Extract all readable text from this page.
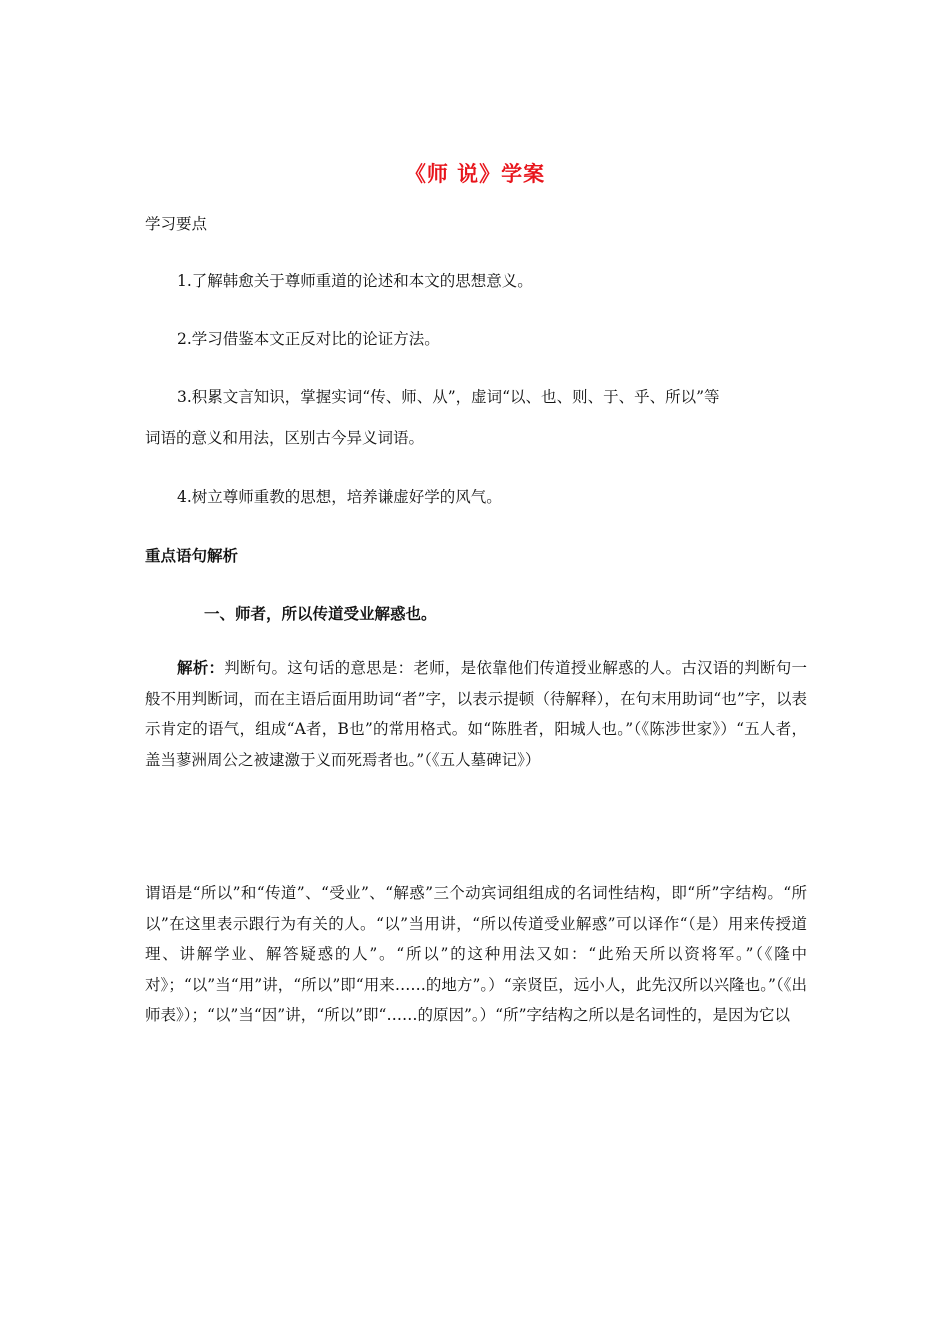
《师 说》学案
学习要点
1.了解韩愈关于尊师重道的论述和本文的思想意义。
2.学习借鉴本文正反对比的论证方法。
3.积累文言知识，掌握实词“传、师、从”，虚词“以、也、则、于、乎、所以”等
词语的意义和用法，区别古今异义词语。
4.树立尊师重教的思想，培养谦虚好学的风气。
重点语句解析
一、师者，所以传道受业解惑也。

解析：判断句。这句话的意思是：老师，是依靠他们传道授业解惑的人。古汉语的判断句一般不用判断词，而在主语后面用助词“者”字，以表示提顿（待解释），在句末用助词“也”字，以表示肯定的语气，组成“A者，B也”的常用格式。如“陈胜者，阳城人也。”（《陈涉世家》）“五人者，盖当蓼洲周公之被逮激于义而死焉者也。”（《五人墓碑记》）

谓语是“所以”和“传道”、“受业”、“解惑”三个动宾词组组成的名词性结构，即“所”字结构。“所以”在这里表示跟行为有关的人。“以”当用讲，“所以传道受业解惑”可以译作“（是）用来传授道理、讲解学业、解答疑惑的人”。“所以”的这种用法又如：“此殆天所以资将军。”（《隆中对》；“以”当“用”讲，“所以”即“用来……的地方”。）“亲贤臣，远小人，此先汉所以兴隆也。”（《出师表》）；“以”当“因”讲，“所以”即“……的原因”。）“所”字结构之所以是名词性的，是因为它以
